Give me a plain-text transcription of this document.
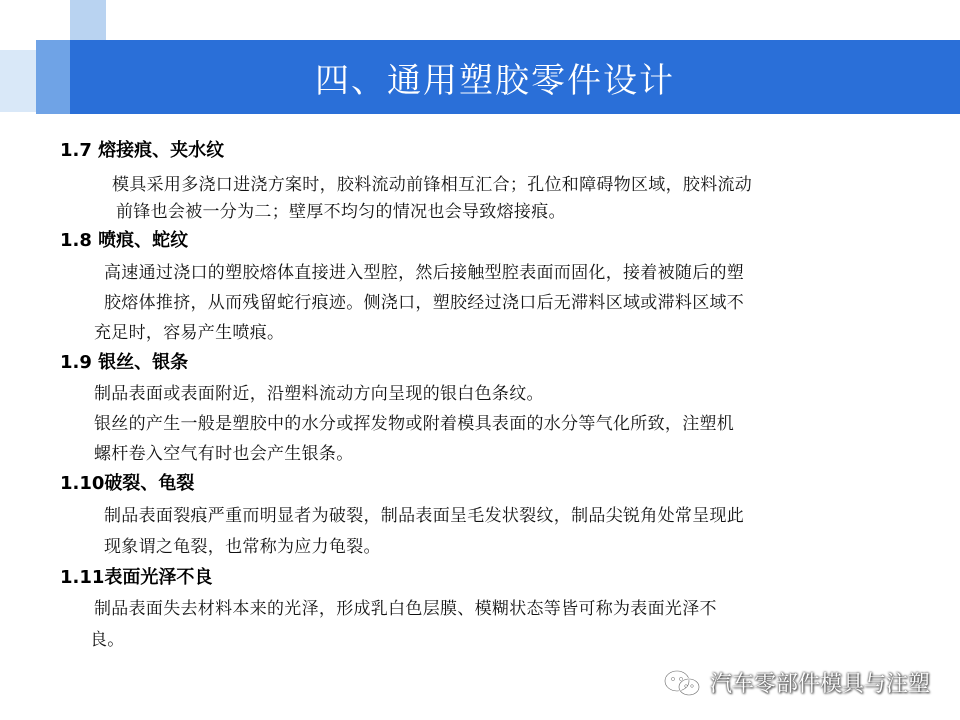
四、通用塑胶零件设计
1.7 熔接痕、夹水纹
模具采用多浇口进浇方案时，胶料流动前锋相互汇合；孔位和障碍物区域，胶料流动
前锋也会被一分为二；壁厚不均匀的情况也会导致熔接痕。
1.8 喷痕、蛇纹
高速通过浇口的塑胶熔体直接进入型腔，然后接触型腔表面而固化，接着被随后的塑
胶熔体推挤，从而残留蛇行痕迹。侧浇口，塑胶经过浇口后无滞料区域或滞料区域不
充足时，容易产生喷痕。
1.9 银丝、银条
制品表面或表面附近，沿塑料流动方向呈现的银白色条纹。
银丝的产生一般是塑胶中的水分或挥发物或附着模具表面的水分等气化所致，注塑机
螺杆卷入空气有时也会产生银条。
1.10破裂、龟裂
制品表面裂痕严重而明显者为破裂，制品表面呈毛发状裂纹，制品尖锐角处常呈现此
现象谓之龟裂，也常称为应力龟裂。
1.11表面光泽不良
制品表面失去材料本来的光泽，形成乳白色层膜、模糊状态等皆可称为表面光泽不
良。
汽车零部件模具与注塑
